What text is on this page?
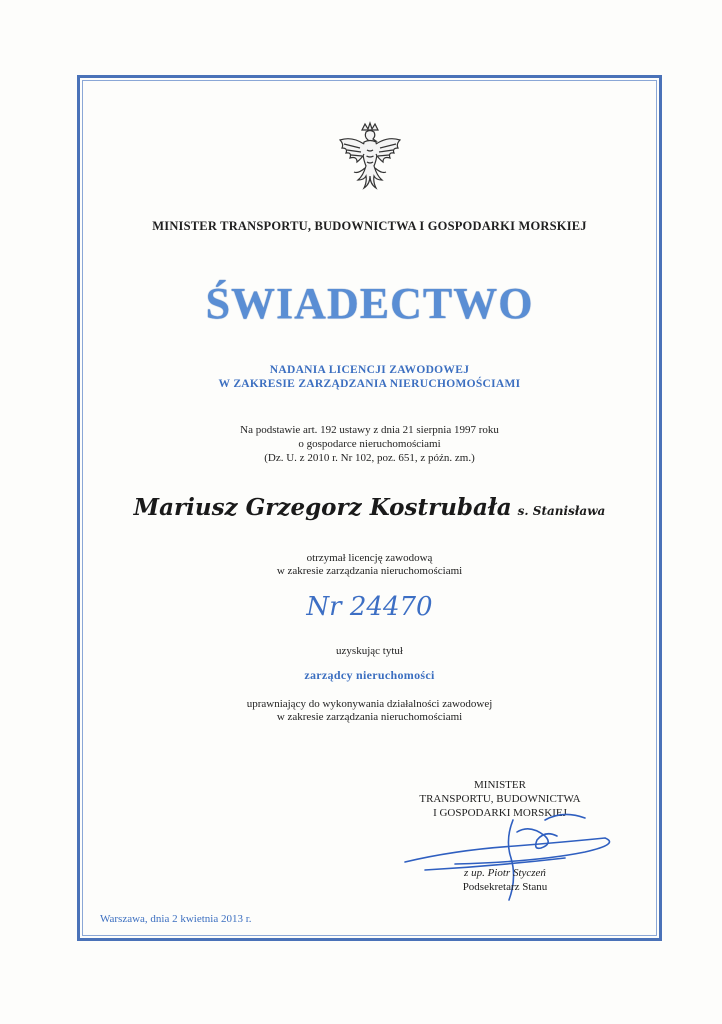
MINISTER TRANSPORTU, BUDOWNICTWA I GOSPODARKI MORSKIEJ
ŚWIADECTWO
NADANIA LICENCJI ZAWODOWEJ
W ZAKRESIE ZARZĄDZANIA NIERUCHOMOŚCIAMI
Na podstawie art. 192 ustawy z dnia 21 sierpnia 1997 roku
o gospodarce nieruchomościami
(Dz. U. z 2010 r. Nr 102, poz. 651, z późn. zm.)
Mariusz Grzegorz Kostrubała s. Stanisława
otrzymał licencję zawodową
w zakresie zarządzania nieruchomościami
Nr 24470
uzyskując tytuł
zarządcy nieruchomości
uprawniający do wykonywania działalności zawodowej
w zakresie zarządzania nieruchomościami
MINISTER
TRANSPORTU, BUDOWNICTWA
I GOSPODARKI MORSKIEJ
z up. Piotr Styczeń
Podsekretarz Stanu
Warszawa, dnia 2 kwietnia 2013 r.
